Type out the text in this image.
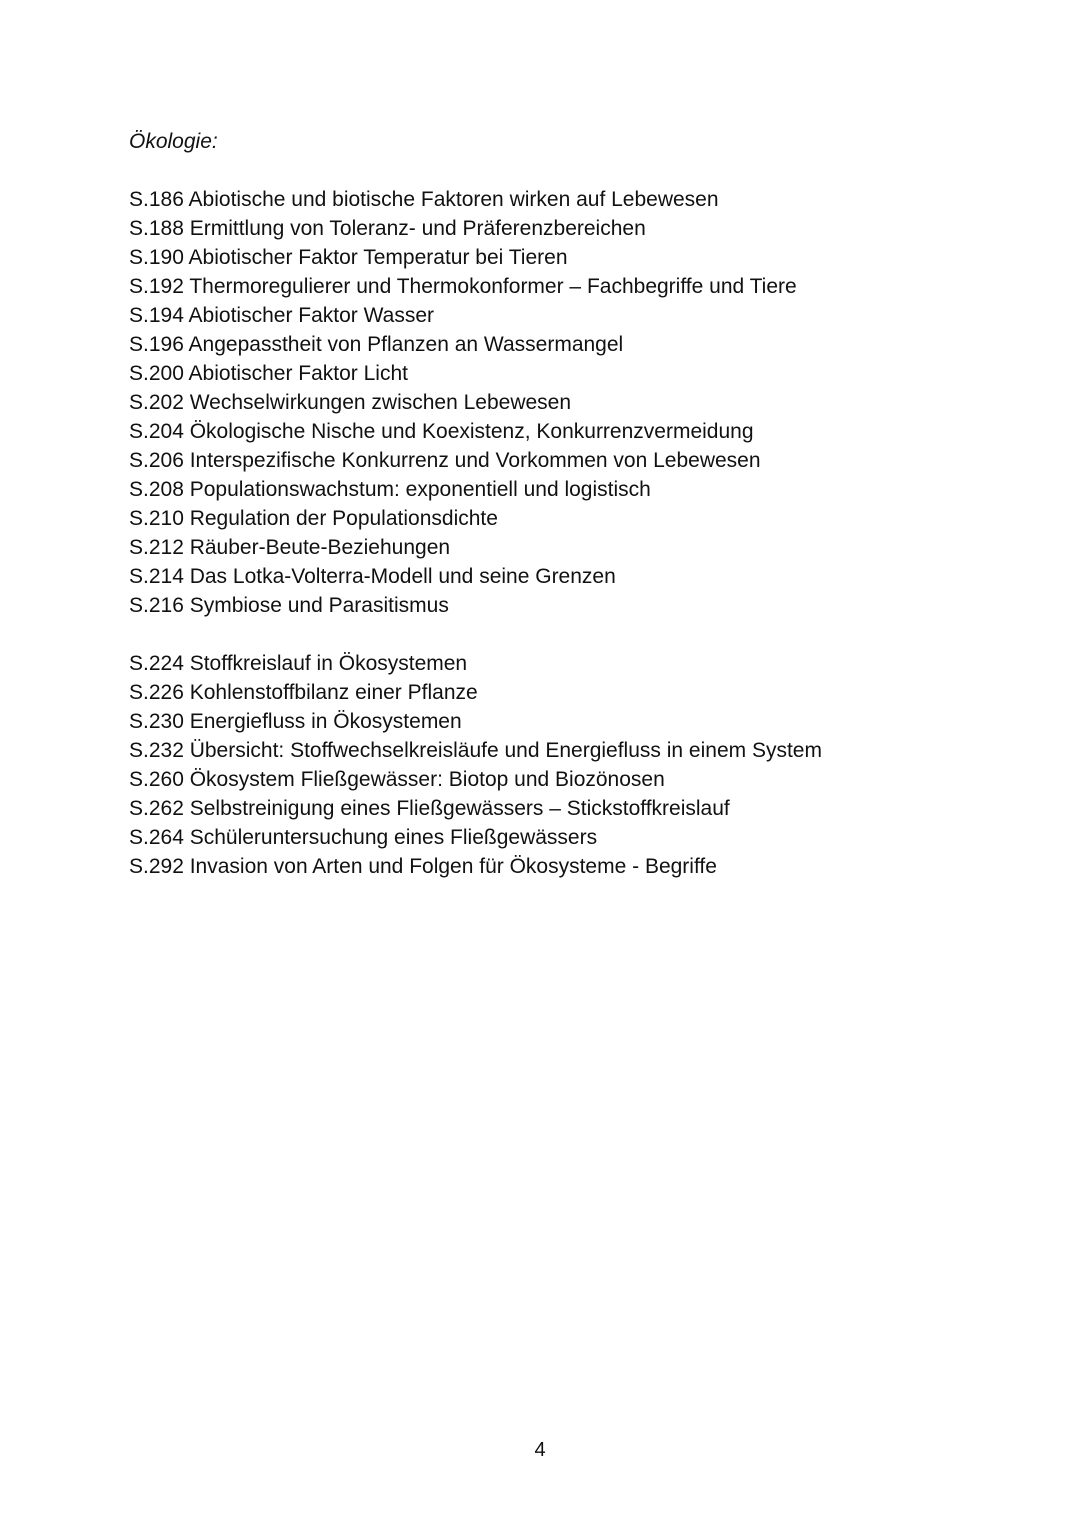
Ökologie:
S.186 Abiotische und biotische Faktoren wirken auf Lebewesen
S.188 Ermittlung von Toleranz- und Präferenzbereichen
S.190 Abiotischer Faktor Temperatur bei Tieren
S.192 Thermoregulierer und Thermokonformer – Fachbegriffe und Tiere
S.194 Abiotischer Faktor Wasser
S.196 Angepasstheit von Pflanzen an Wassermangel
S.200 Abiotischer Faktor Licht
S.202 Wechselwirkungen zwischen Lebewesen
S.204 Ökologische Nische und Koexistenz, Konkurrenzvermeidung
S.206 Interspezifische Konkurrenz und Vorkommen von Lebewesen
S.208 Populationswachstum: exponentiell und logistisch
S.210 Regulation der Populationsdichte
S.212 Räuber-Beute-Beziehungen
S.214 Das Lotka-Volterra-Modell und seine Grenzen
S.216 Symbiose und Parasitismus
S.224 Stoffkreislauf in Ökosystemen
S.226 Kohlenstoffbilanz einer Pflanze
S.230 Energiefluss in Ökosystemen
S.232 Übersicht: Stoffwechselkreisläufe und Energiefluss in einem System
S.260 Ökosystem Fließgewässer: Biotop und Biozönosen
S.262 Selbstreinigung eines Fließgewässers – Stickstoffkreislauf
S.264 Schüleruntersuchung eines Fließgewässers
S.292 Invasion von Arten und Folgen für Ökosysteme - Begriffe
4
